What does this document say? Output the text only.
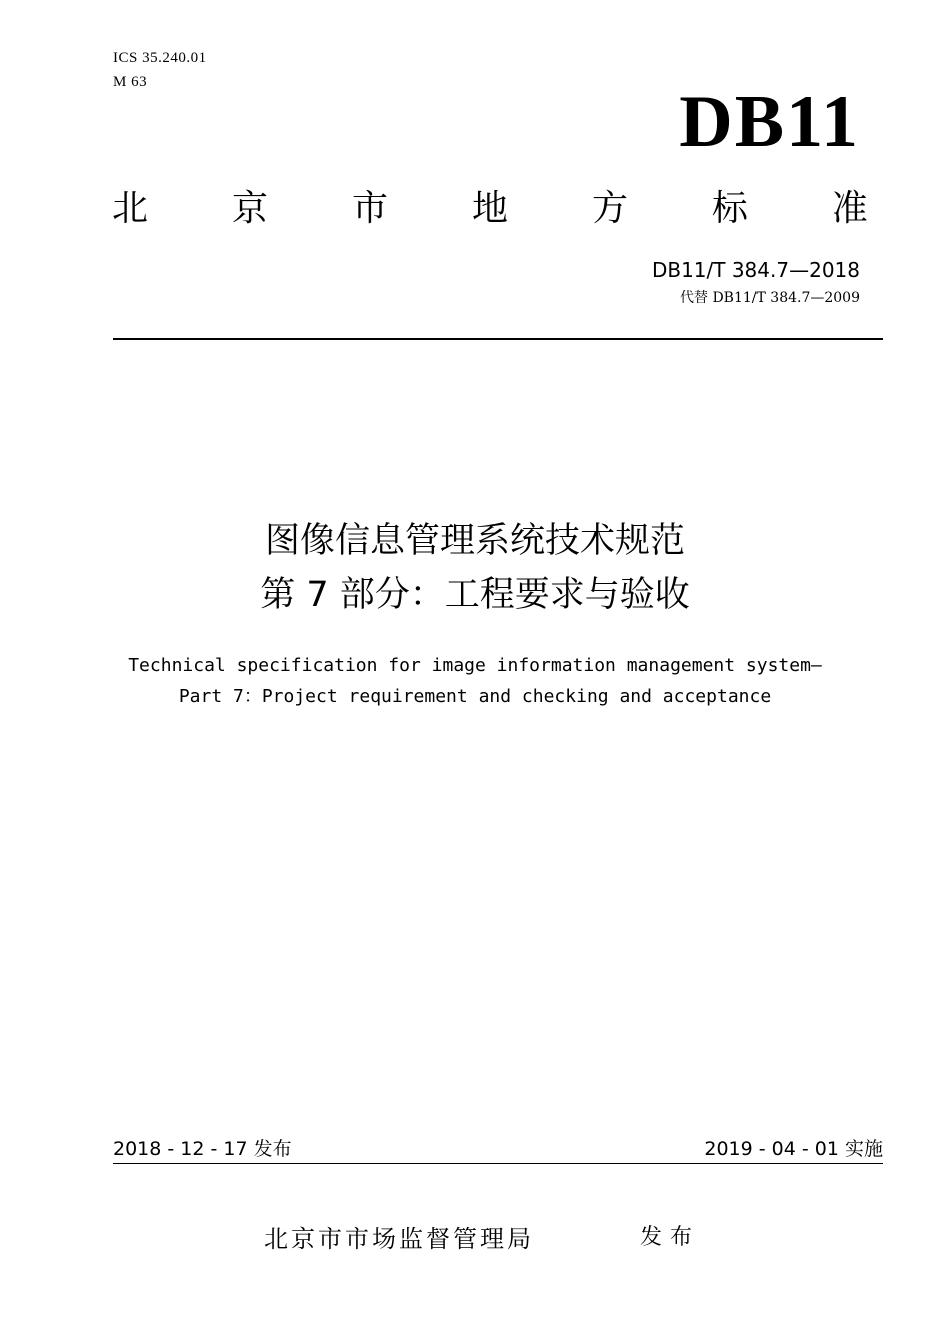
ICS 35.240.01
M 63	DB11
北 京 市 地 方 标 准
DB11/T 384.7—2018
代替 DB11/T 384.7—2009
图像信息管理系统技术规范
第 7 部分：工程要求与验收
Technical specification for image information management system—
Part 7：Project requirement and checking and acceptance
2018 - 12 - 17 发布	2019 - 04 - 01 实施
北京市市场监督管理局	发布
